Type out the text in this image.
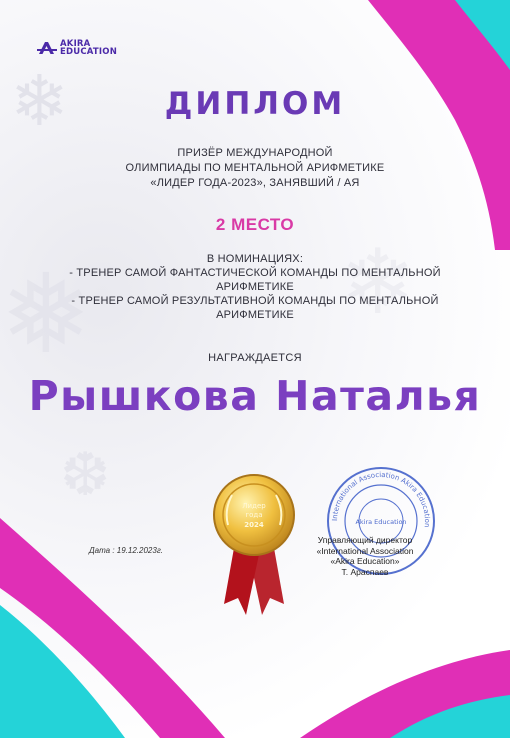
❄
❅
❆
❄
AKIRA
EDUCATION
ДИПЛОМ
ПРИЗЁР МЕЖДУНАРОДНОЙ
ОЛИМПИАДЫ ПО МЕНТАЛЬНОЙ АРИФМЕТИКЕ
«ЛИДЕР ГОДА-2023», ЗАНЯВШИЙ / АЯ
2 МЕСТО
В НОМИНАЦИЯХ:
- ТРЕНЕР САМОЙ ФАНТАСТИЧЕСКОЙ КОМАНДЫ ПО МЕНТАЛЬНОЙ
АРИФМЕТИКЕ
- ТРЕНЕР САМОЙ РЕЗУЛЬТАТИВНОЙ КОМАНДЫ ПО МЕНТАЛЬНОЙ
АРИФМЕТИКЕ
НАГРАЖДАЕТСЯ
Рышкова Наталья
Дата : 19.12.2023г.
Лидер
года
2024
International Association Akira Education
Akira Education
Управляющий директор
«International Association
«Akira Education»
Т. Араспаев
